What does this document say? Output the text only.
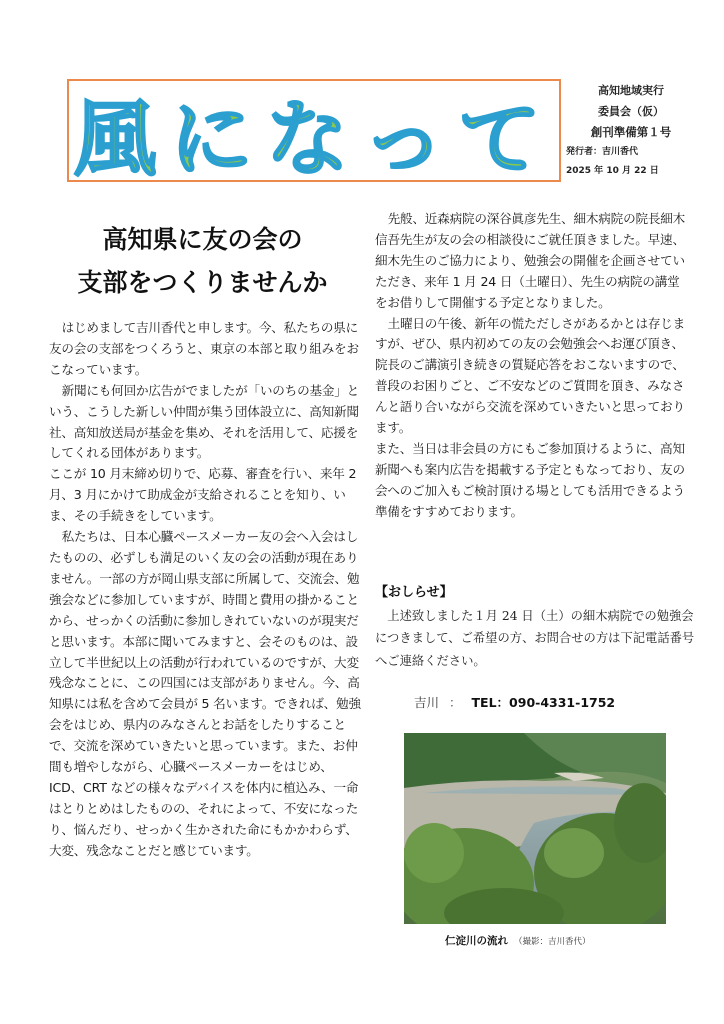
風になって
高知地域実行
委員会（仮）
創刊準備第１号
発行者：吉川香代
2025 年 10 月 22 日
高知県に友の会の
支部をつくりませんか

はじめまして吉川香代と申します。今、私たちの県に友の会の支部をつくろうと、東京の本部と取り組みをおこなっています。

新聞にも何回か広告がでましたが「いのちの基金」という、こうした新しい仲間が集う団体設立に、高知新聞社、高知放送局が基金を集め、それを活用して、応援をしてくれる団体があります。

ここが 10 月末締め切りで、応募、審査を行い、来年 2 月、3 月にかけて助成金が支給されることを知り、いま、その手続きをしています。

私たちは、日本心臓ペースメーカー友の会へ入会はしたものの、必ずしも満足のいく友の会の活動が現在ありません。一部の方が岡山県支部に所属して、交流会、勉強会などに参加していますが、時間と費用の掛かることから、せっかくの活動に参加しきれていないのが現実だと思います。本部に聞いてみますと、会そのものは、設立して半世紀以上の活動が行われているのですが、大変残念なことに、この四国には支部がありません。今、高知県には私を含めて会員が 5 名います。できれば、勉強会をはじめ、県内のみなさんとお話をしたりすることで、交流を深めていきたいと思っています。また、お仲間も増やしながら、心臓ペースメーカーをはじめ、ICD、CRT などの様々なデバイスを体内に植込み、一命はとりとめはしたものの、それによって、不安になったり、悩んだり、せっかく生かされた命にもかかわらず、大変、残念なことだと感じています。

先般、近森病院の深谷眞彦先生、細木病院の院長細木信吾先生が友の会の相談役にご就任頂きました。早速、細木先生のご協力により、勉強会の開催を企画させていただき、来年 1 月 24 日（土曜日）、先生の病院の講堂をお借りして開催する予定となりました。

土曜日の午後、新年の慌ただしさがあるかとは存じますが、ぜひ、県内初めての友の会勉強会へお運び頂き、院長のご講演引き続きの質疑応答をおこないますので、普段のお困りごと、ご不安などのご質問を頂き、みなさんと語り合いながら交流を深めていきたいと思っております。

また、当日は非会員の方にもご参加頂けるように、高知新聞へも案内広告を掲載する予定ともなっており、友の会へのご加入もご検討頂ける場としても活用できるよう準備をすすめております。

【おしらせ】

上述致しました１月 24 日（土）の細木病院での勉強会につきまして、ご希望の方、お問合せの方は下記電話番号へご連絡ください。

吉川 ： TEL：090-4331-1752
仁淀川の流れ （撮影：吉川香代）
